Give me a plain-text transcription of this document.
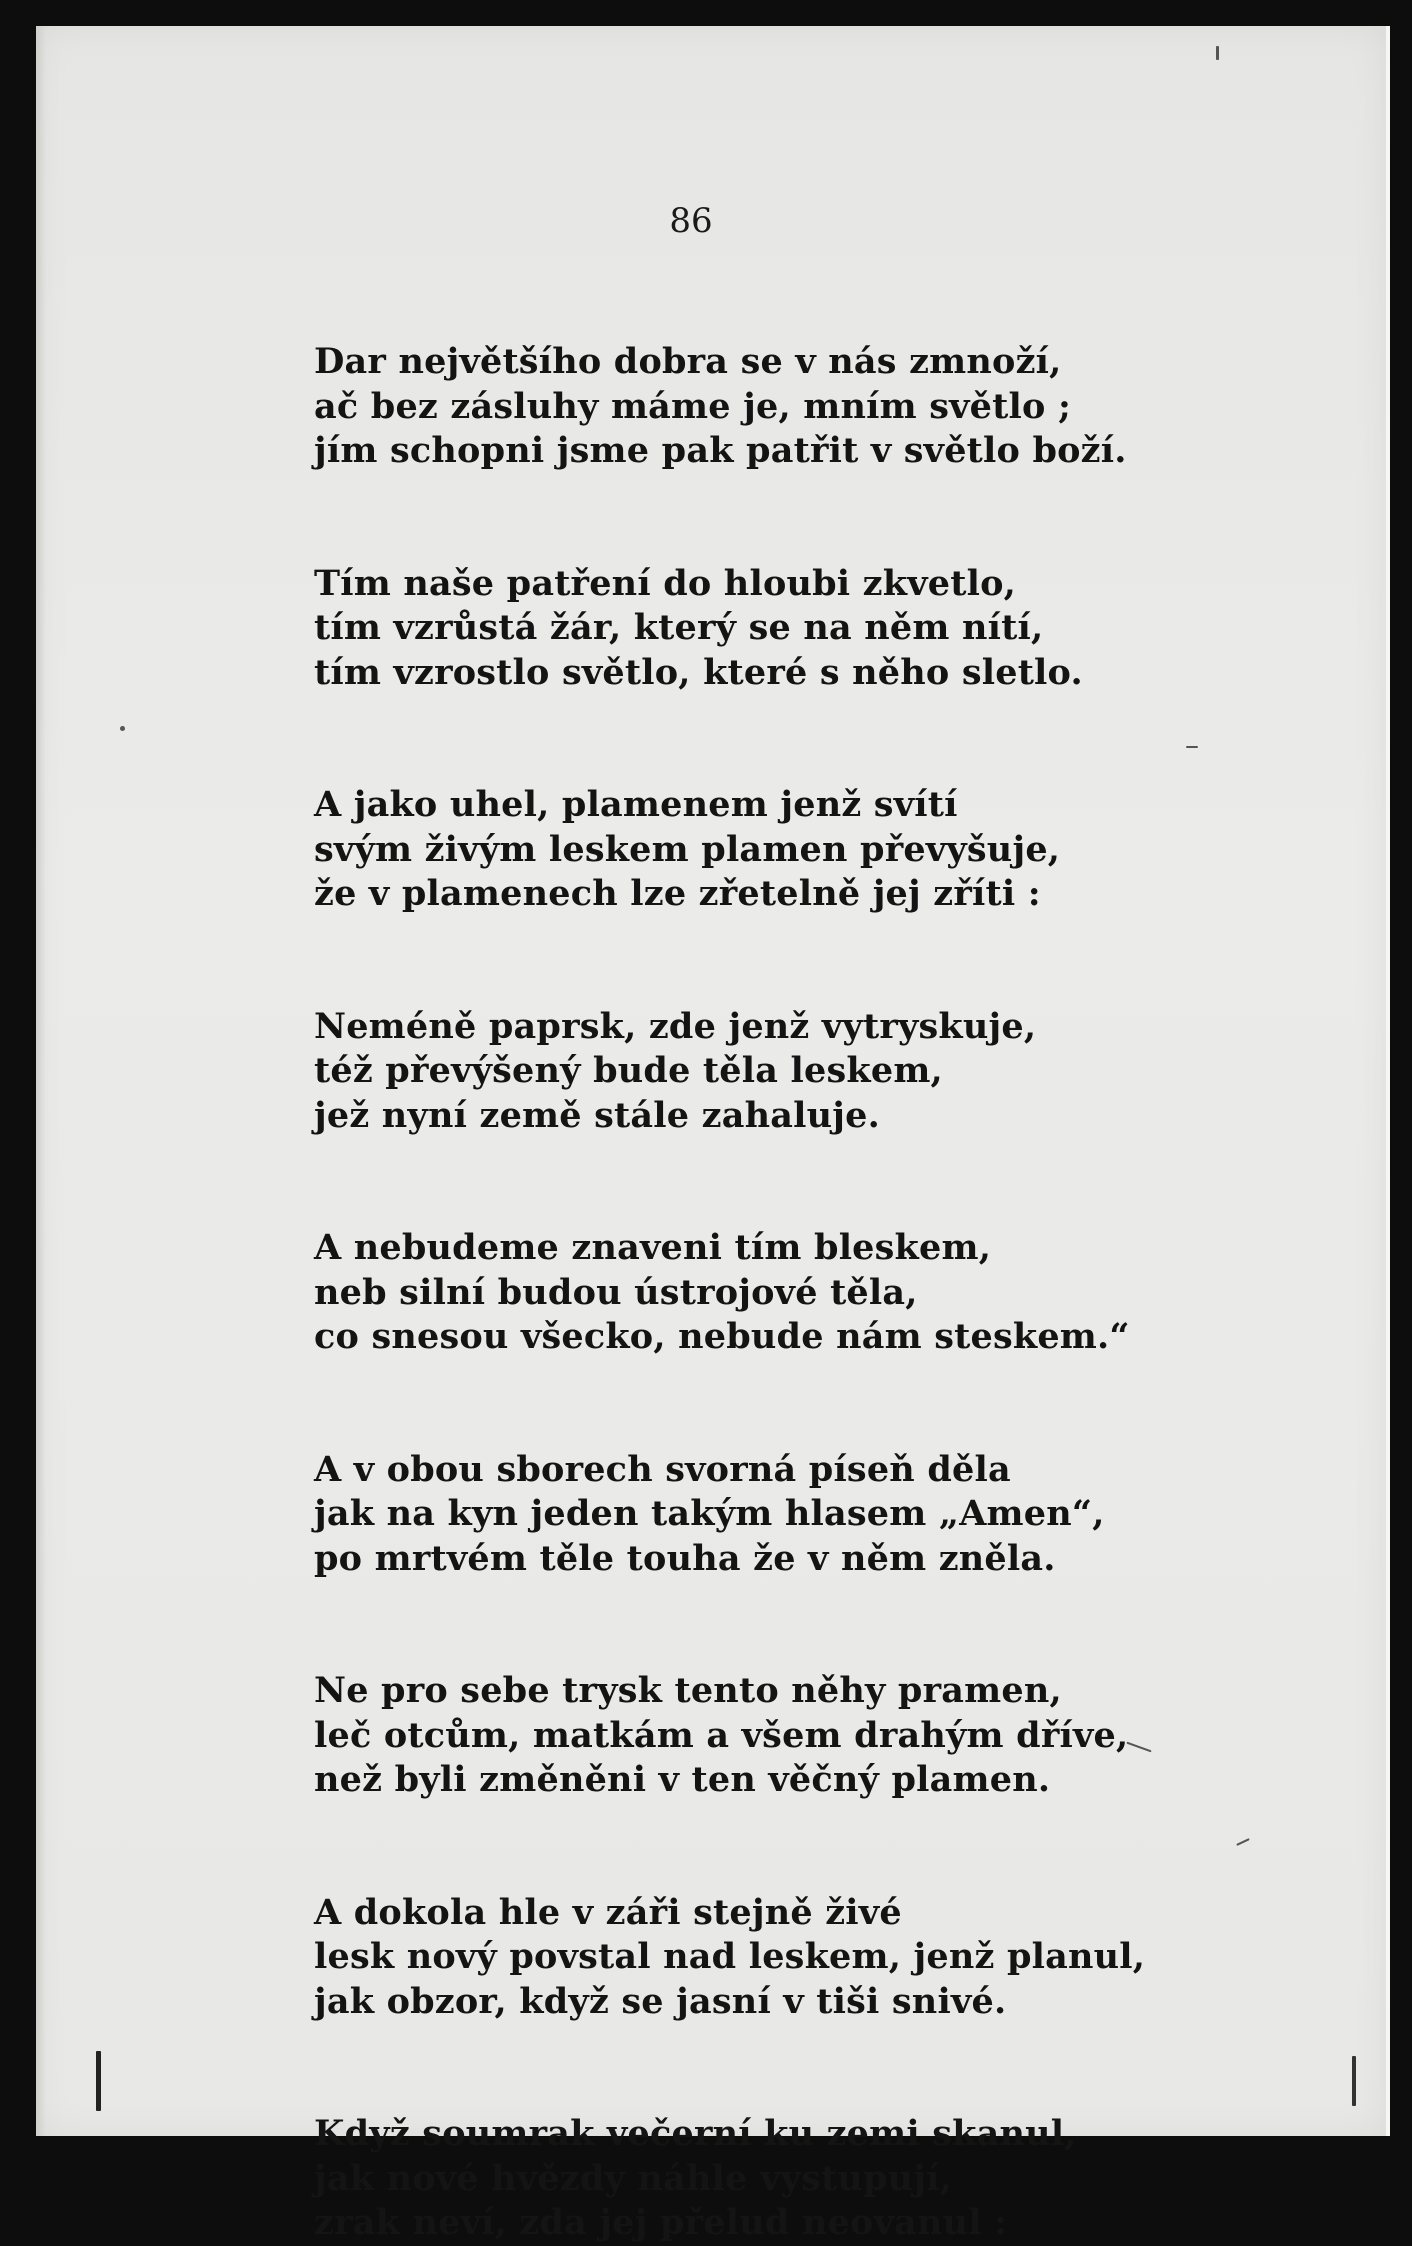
86
Dar největšího dobra se v nás zmnoží,
ač bez zásluhy máme je, mním světlo ;
jím schopni jsme pak patřit v světlo boží.
Tím naše patření do hloubi zkvetlo,
tím vzrůstá žár, který se na něm nítí,
tím vzrostlo světlo, které s něho sletlo.
A jako uhel, plamenem jenž svítí
svým živým leskem plamen převyšuje,
že v plamenech lze zřetelně jej zříti :
Neméně paprsk, zde jenž vytryskuje,
též převýšený bude těla leskem,
jež nyní země stále zahaluje.
A nebudeme znaveni tím bleskem,
neb silní budou ústrojové těla,
co snesou všecko, nebude nám steskem.“
A v obou sborech svorná píseň děla
jak na kyn jeden takým hlasem „Amen“,
po mrtvém těle touha že v něm zněla.
Ne pro sebe trysk tento něhy pramen,
leč otcům, matkám a všem drahým dříve,
než byli změněni v ten věčný plamen.
A dokola hle v záři stejně živé
lesk nový povstal nad leskem, jenž planul,
jak obzor, když se jasní v tiši snivé.
Když soumrak večerní ku zemi skanul,
jak nové hvězdy náhle vystupují,
zrak neví, zda jej přelud neovanul :
